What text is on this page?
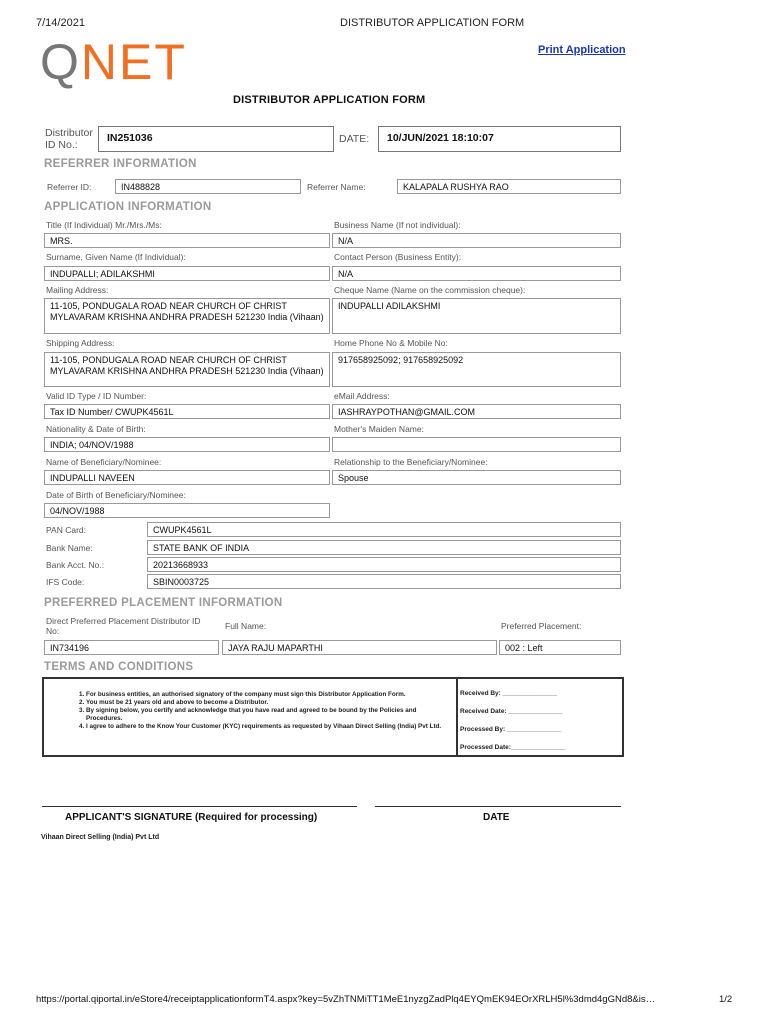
7/14/2021	DISTRIBUTOR APPLICATION FORM
QNET	Print Application
DISTRIBUTOR APPLICATION FORM
Distributor ID No.:
IN251036	DATE:	10/JUN/2021 18:10:07
REFERRER INFORMATION
Referrer ID:	IN488828	Referrer Name:	KALAPALA RUSHYA RAO
APPLICATION INFORMATION
Title (If Individual) Mr./Mrs./Ms:
MRS.
Business Name (If not individual):
N/A
Surname, Given Name (If Individual):
INDUPALLI; ADILAKSHMI
Contact Person (Business Entity):
N/A
Mailing Address:
11-105, PONDUGALA ROAD NEAR CHURCH OF CHRIST MYLAVARAM KRISHNA ANDHRA PRADESH 521230 India (Vihaan)
Cheque Name (Name on the commission cheque):
INDUPALLI ADILAKSHMI
Shipping Address:
11-105, PONDUGALA ROAD NEAR CHURCH OF CHRIST MYLAVARAM KRISHNA ANDHRA PRADESH 521230 India (Vihaan)
Home Phone No & Mobile No:
917658925092; 917658925092
Valid ID Type / ID Number:
Tax ID Number/ CWUPK4561L
eMail Address:
IASHRAYPOTHAN@GMAIL.COM
Nationality & Date of Birth:
INDIA; 04/NOV/1988
Mother's Maiden Name:
Name of Beneficiary/Nominee:
INDUPALLI NAVEEN
Relationship to the Beneficiary/Nominee:
Spouse
Date of Birth of Beneficiary/Nominee:
04/NOV/1988
PAN Card:	CWUPK4561L
Bank Name:	STATE BANK OF INDIA
Bank Acct. No.:	20213668933
IFS Code:	SBIN0003725
PREFERRED PLACEMENT INFORMATION
Direct Preferred Placement Distributor ID No:	Full Name:	Preferred Placement:
IN734196	JAYA RAJU MAPARTHI	002 : Left
TERMS AND CONDITIONS
1. For business entities, an authorised signatory of the company must sign this Distributor Application Form.
2. You must be 21 years old and above to become a Distributor.
3. By signing below, you certify and acknowledge that you have read and agreed to be bound by the Policies and Procedures.
4. I agree to adhere to the Know Your Customer (KYC) requirements as requested by Vihaan Direct Selling (India) Pvt Ltd.
Received By: _______________
Received Date: _______________
Processed By: _______________
Processed Date:_______________
APPLICANT'S SIGNATURE (Required for processing)	DATE
Vihaan Direct Selling (India) Pvt Ltd
https://portal.qiportal.in/eStore4/receiptapplicationformT4.aspx?key=5vZhTNMiTT1MeE1nyzgZadPlq4EYQmEK94EOrXRLH5l%3dmd4gGNd8&is…	1/2
